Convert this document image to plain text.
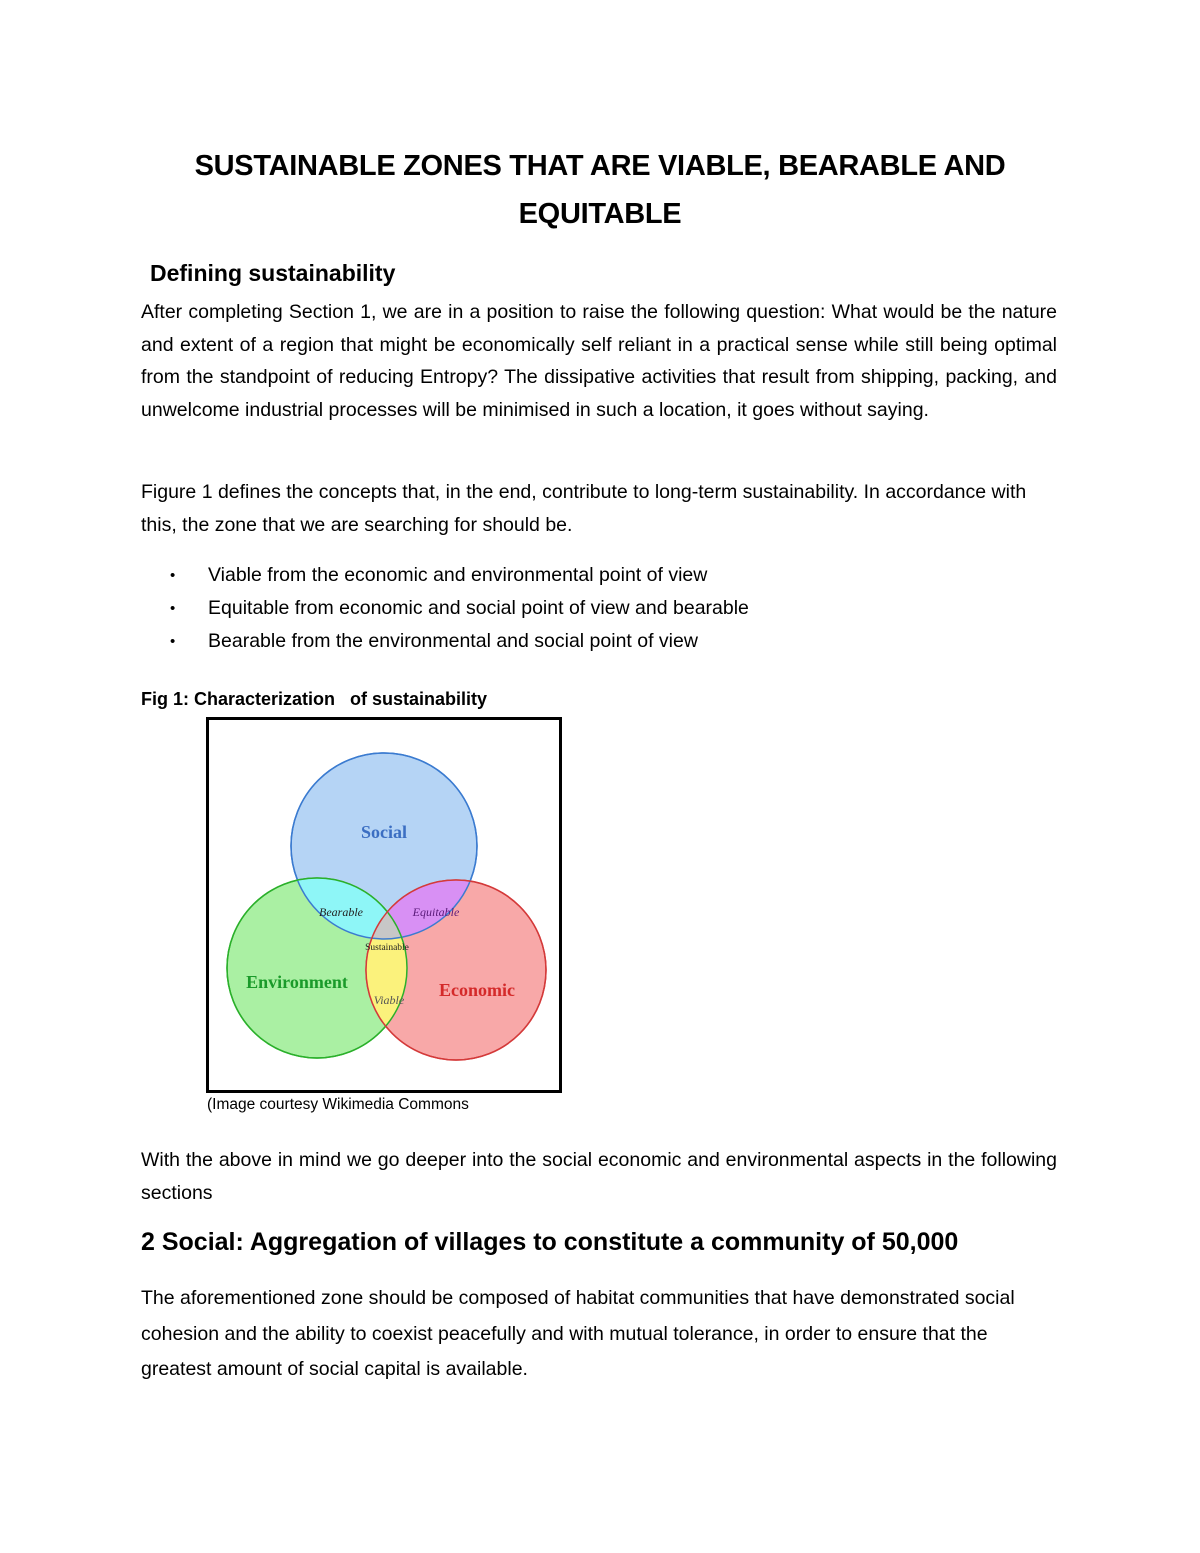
SUSTAINABLE ZONES THAT ARE VIABLE, BEARABLE AND
EQUITABLE
Defining sustainability
After completing Section 1, we are in a position to raise the following question: What would be the nature and extent of a region that might be economically self reliant in a practical sense while still being optimal from the standpoint of reducing Entropy? The dissipative activities that result from shipping, packing, and unwelcome industrial processes will be minimised in such a location, it goes without saying.
Figure 1 defines the concepts that, in the end, contribute to long-term sustainability. In accordance with this, the zone that we are searching for should be.
• Viable from the economic and environmental point of view
• Equitable from economic and social point of view and bearable
• Bearable from the environmental and social point of view
Fig 1: Characterization   of sustainability
Social
Environment	Economic
Bearable	Equitable
Viable
Sustainable
(Image courtesy Wikimedia Commons
With the above in mind we go deeper into the social economic and environmental aspects in the following sections
2 Social: Aggregation of villages to constitute a community of 50,000
The aforementioned zone should be composed of habitat communities that have demonstrated social cohesion and the ability to coexist peacefully and with mutual tolerance, in order to ensure that the greatest amount of social capital is available.
